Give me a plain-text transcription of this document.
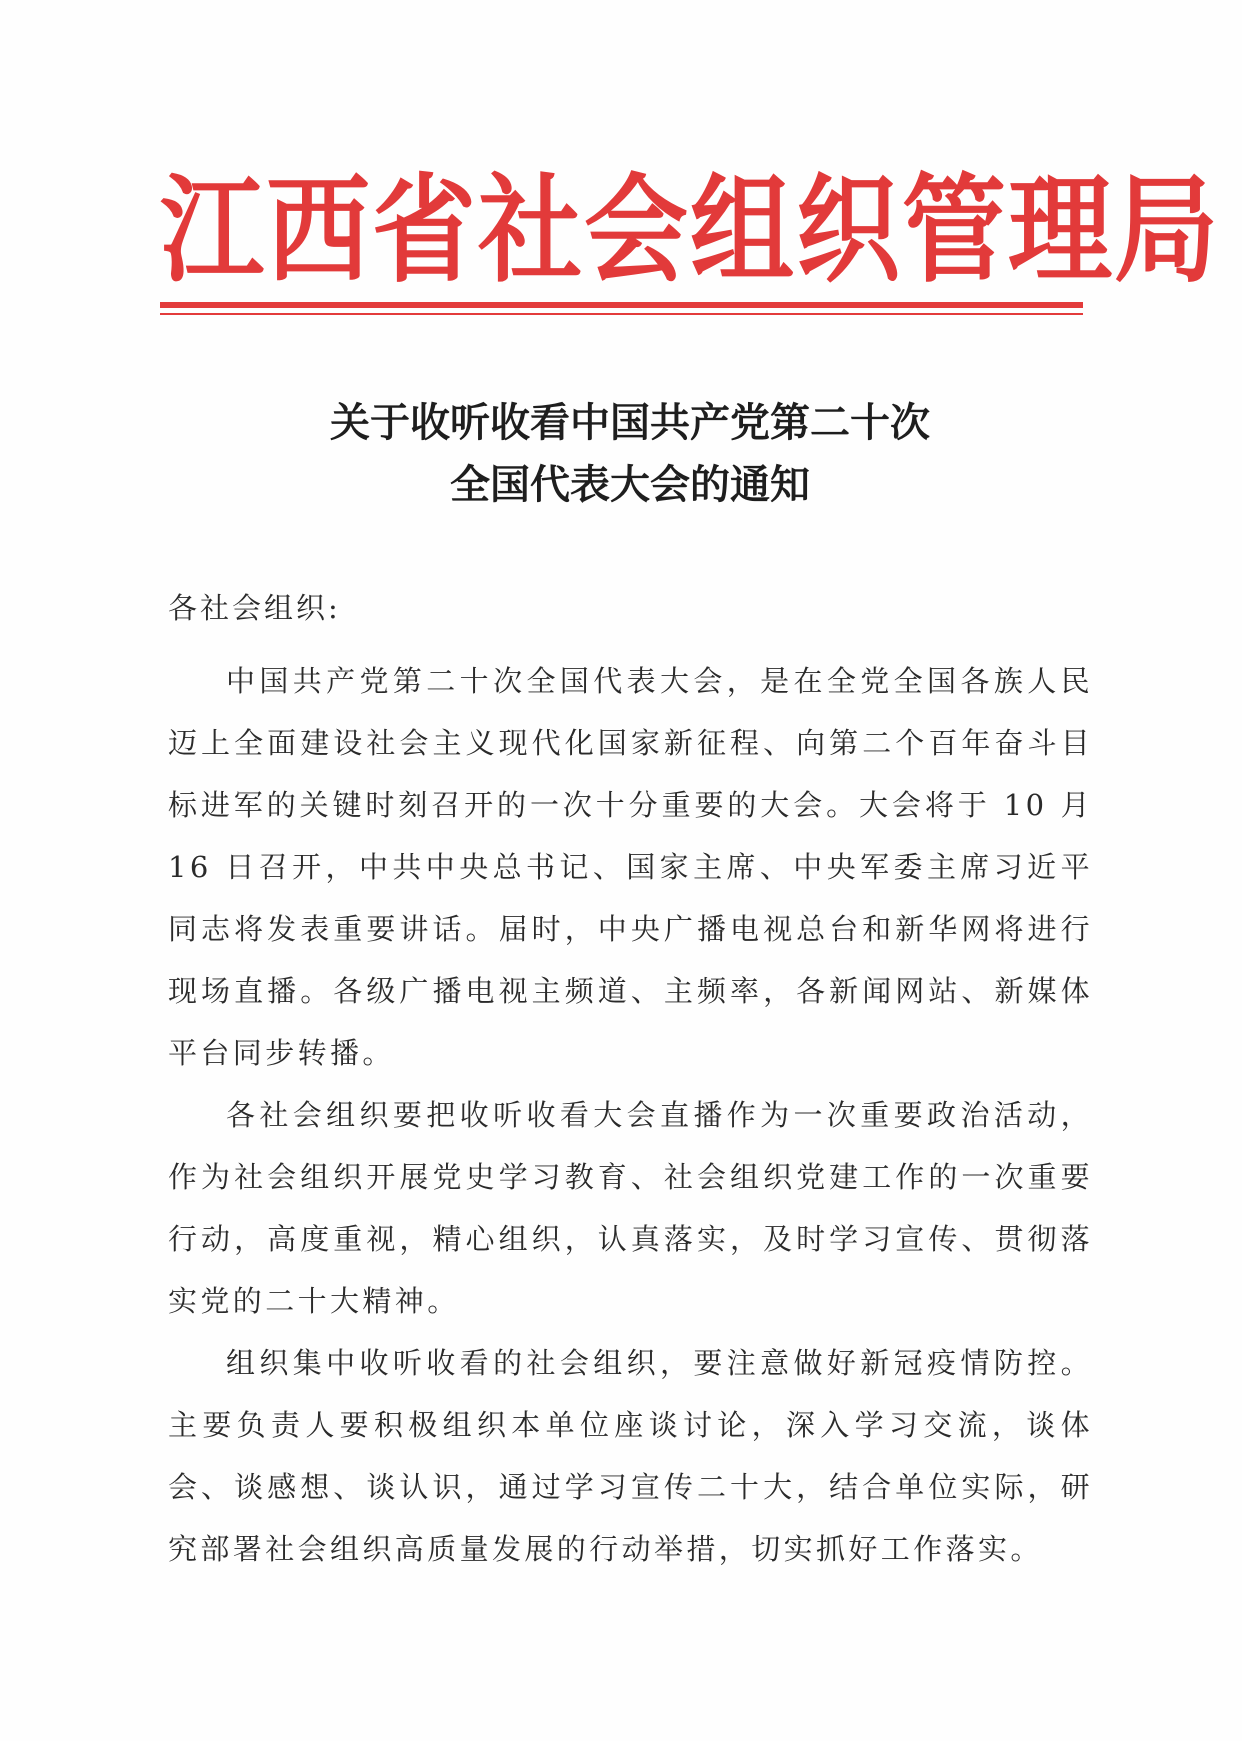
江西省社会组织管理局
关于收听收看中国共产党第二十次
全国代表大会的通知

各社会组织:

中国共产党第二十次全国代表大会，是在全党全国各族人民迈上全面建设社会主义现代化国家新征程、向第二个百年奋斗目标进军的关键时刻召开的一次十分重要的大会。大会将于 10 月 16 日召开，中共中央总书记、国家主席、中央军委主席习近平同志将发表重要讲话。届时，中央广播电视总台和新华网将进行现场直播。各级广播电视主频道、主频率，各新闻网站、新媒体平台同步转播。

各社会组织要把收听收看大会直播作为一次重要政治活动，作为社会组织开展党史学习教育、社会组织党建工作的一次重要行动，高度重视，精心组织，认真落实，及时学习宣传、贯彻落实党的二十大精神。

组织集中收听收看的社会组织，要注意做好新冠疫情防控。主要负责人要积极组织本单位座谈讨论，深入学习交流，谈体会、谈感想、谈认识，通过学习宣传二十大，结合单位实际，研究部署社会组织高质量发展的行动举措，切实抓好工作落实。
